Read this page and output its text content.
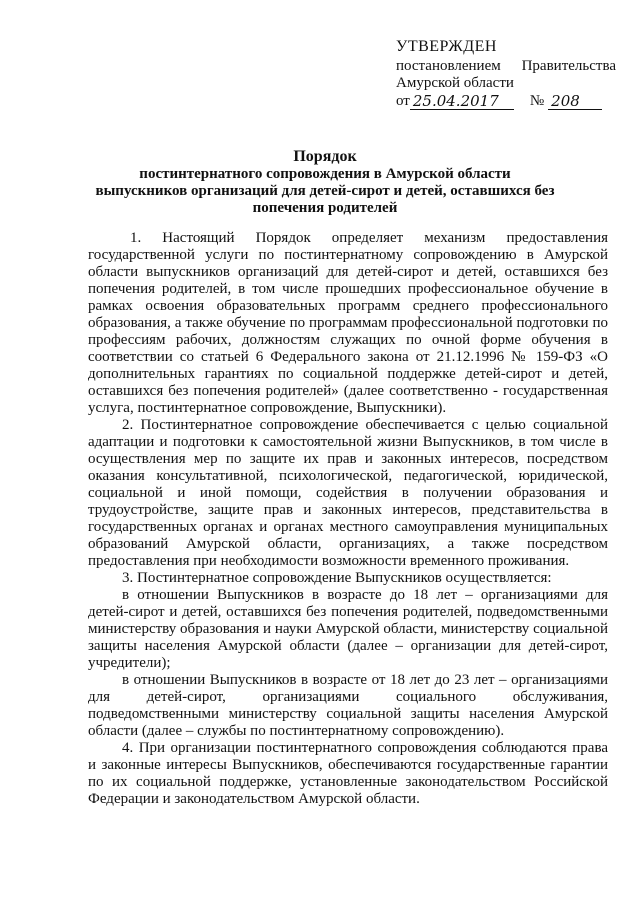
УТВЕРЖДЕН
постановлением Правительства
Амурской области
от 25.04.2017	№ 208
Порядок
постинтернатного сопровождения в Амурской области
выпускников организаций для детей-сирот и детей, оставшихся без
попечения родителей

1. Настоящий Порядок определяет механизм предоставления государственной услуги по постинтернатному сопровождению в Амурской области выпускников организаций для детей-сирот и детей, оставшихся без попечения родителей, в том числе прошедших профессиональное обучение в рамках освоения образовательных программ среднего профессионального образования, а также обучение по программам профессиональной подготовки по профессиям рабочих, должностям служащих по очной форме обучения в соответствии со статьей 6 Федерального закона от 21.12.1996 № 159-ФЗ «О дополнительных гарантиях по социальной поддержке детей-сирот и детей, оставшихся без попечения родителей» (далее соответственно - государственная услуга, постинтернатное сопровождение, Выпускники).

2. Постинтернатное сопровождение обеспечивается с целью социальной адаптации и подготовки к самостоятельной жизни Выпускников, в том числе в осуществления мер по защите их прав и законных интересов, посредством оказания консультативной, психологической, педагогической, юридической, социальной и иной помощи, содействия в получении образования и трудоустройстве, защите прав и законных интересов, представительства в государственных органах и органах местного самоуправления муниципальных образований Амурской области, организациях, а также посредством предоставления при необходимости возможности временного проживания.

3. Постинтернатное сопровождение Выпускников осуществляется:

в отношении Выпускников в возрасте до 18 лет – организациями для детей-сирот и детей, оставшихся без попечения родителей, подведомственными министерству образования и науки Амурской области, министерству социальной защиты населения Амурской области (далее – организации для детей-сирот, учредители);

в отношении Выпускников в возрасте от 18 лет до 23 лет – организациями для детей-сирот, организациями социального обслуживания, подведомственными министерству социальной защиты населения Амурской области (далее – службы по постинтернатному сопровождению).

4. При организации постинтернатного сопровождения соблюдаются права и законные интересы Выпускников, обеспечиваются государственные гарантии по их социальной поддержке, установленные законодательством Российской Федерации и законодательством Амурской области.
